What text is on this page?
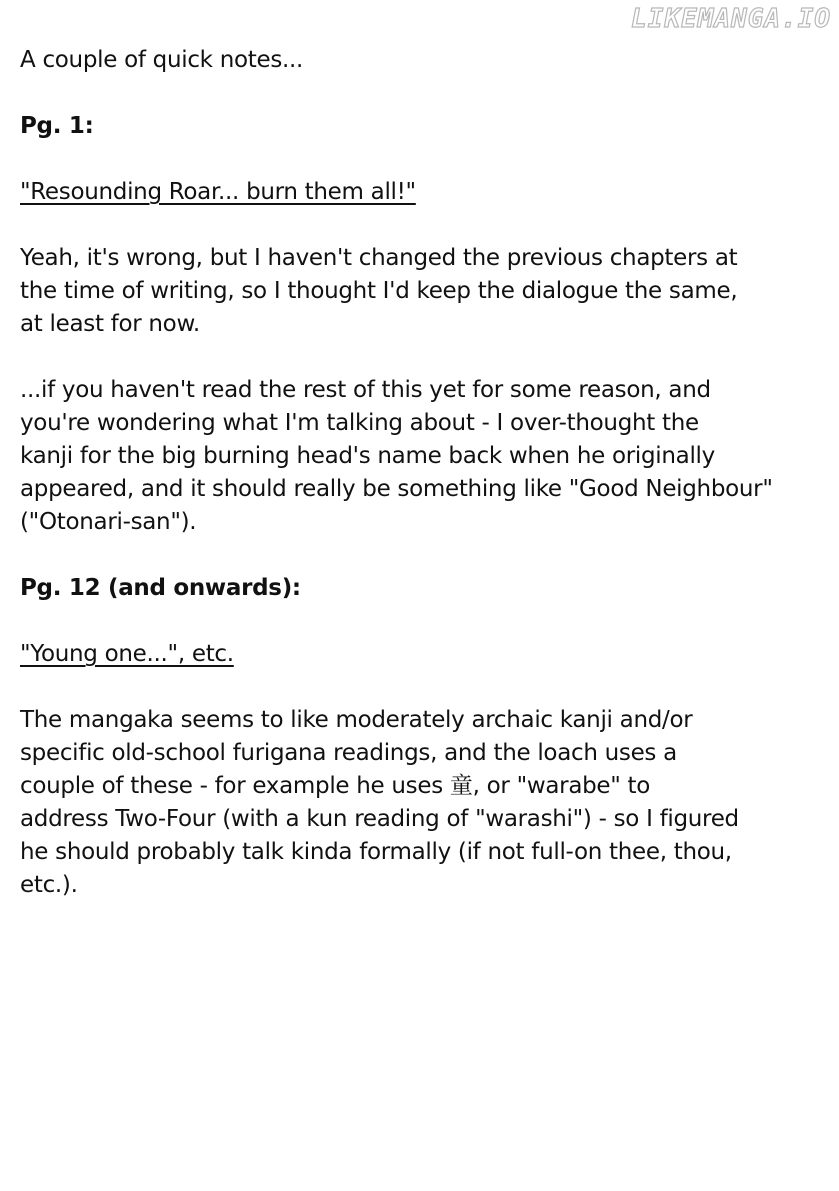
LIKEMANGA.IO
A couple of quick notes...
Pg. 1:
"Resounding Roar... burn them all!"
Yeah, it's wrong, but I haven't changed the previous chapters at
the time of writing, so I thought I'd keep the dialogue the same,
at least for now.
...if you haven't read the rest of this yet for some reason, and
you're wondering what I'm talking about - I over-thought the
kanji for the big burning head's name back when he originally
appeared, and it should really be something like "Good Neighbour"
("Otonari-san").
Pg. 12 (and onwards):
"Young one...", etc.
The mangaka seems to like moderately archaic kanji and/or
specific old-school furigana readings, and the loach uses a
couple of these - for example he uses 童, or "warabe" to
address Two-Four (with a kun reading of "warashi") - so I figured
he should probably talk kinda formally (if not full-on thee, thou,
etc.).
